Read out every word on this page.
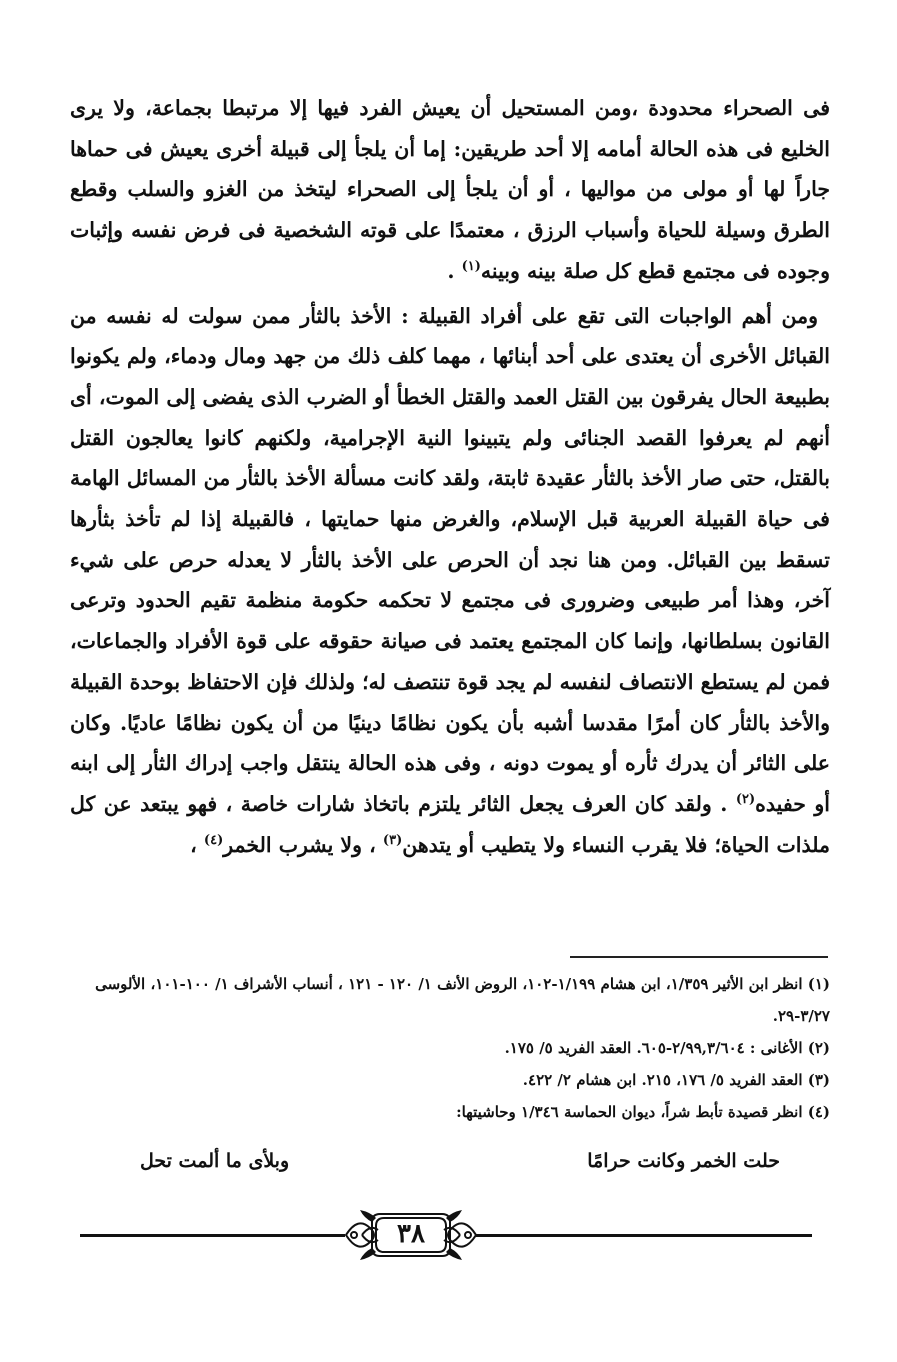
فى الصحراء محدودة ،ومن المستحيل أن يعيش الفرد فيها إلا مرتبطا بجماعة، ولا يرى الخليع فى هذه الحالة أمامه إلا أحد طريقين: إما أن يلجأ إلى قبيلة أخرى يعيش فى حماها جاراً لها أو مولى من مواليها ، أو أن يلجأ إلى الصحراء ليتخذ من الغزو والسلب وقطع الطرق وسيلة للحياة وأسباب الرزق ، معتمدًا على قوته الشخصية فى فرض نفسه وإثبات وجوده فى مجتمع قطع كل صلة بينه وبينه$^{(١)}$ .

ومن أهم الواجبات التى تقع على أفراد القبيلة : الأخذ بالثأر ممن سولت له نفسه من القبائل الأخرى أن يعتدى على أحد أبنائها ، مهما كلف ذلك من جهد ومال ودماء، ولم يكونوا بطبيعة الحال يفرقون بين القتل العمد والقتل الخطأ أو الضرب الذى يفضى إلى الموت، أى أنهم لم يعرفوا القصد الجنائى ولم يتبينوا النية الإجرامية، ولكنهم كانوا يعالجون القتل بالقتل، حتى صار الأخذ بالثأر عقيدة ثابتة، ولقد كانت مسألة الأخذ بالثأر من المسائل الهامة فى حياة القبيلة العربية قبل الإسلام، والغرض منها حمايتها ، فالقبيلة إذا لم تأخذ بثأرها تسقط بين القبائل. ومن هنا نجد أن الحرص على الأخذ بالثأر لا يعدله حرص على شيء آخر، وهذا أمر طبيعى وضرورى فى مجتمع لا تحكمه حكومة منظمة تقيم الحدود وترعى القانون بسلطانها، وإنما كان المجتمع يعتمد فى صيانة حقوقه على قوة الأفراد والجماعات، فمن لم يستطع الانتصاف لنفسه لم يجد قوة تنتصف له؛ ولذلك فإن الاحتفاظ بوحدة القبيلة والأخذ بالثأر كان أمرًا مقدسا أشبه بأن يكون نظامًا دينيًا من أن يكون نظامًا عاديًا. وكان على الثائر أن يدرك ثأره أو يموت دونه ، وفى هذه الحالة ينتقل واجب إدراك الثأر إلى ابنه أو حفيده$^{(٢)}$ . ولقد كان العرف يجعل الثائر يلتزم باتخاذ شارات خاصة ، فهو يبتعد عن كل ملذات الحياة؛ فلا يقرب النساء ولا يتطيب أو يتدهن$^{(٣)}$ ، ولا يشرب الخمر$^{(٤)}$ ،

(١) انظر ابن الأثير ١/٣٥٩، ابن هشام ١/١٩٩-١٠٢، الروض الأنف ١/ ١٢٠ - ١٢١ ، أنساب الأشراف ١/ ١٠٠-١٠١، الألوسى ٣/٢٧-٢٩.

(٢) الأغانى : ٢/٩٩,٣/٦٠٤-٦٠٥. العقد الفريد ٥/ ١٧٥.

(٣) العقد الفريد ٥/ ١٧٦، ٢١٥. ابن هشام ٢/ ٤٢٢.

(٤) انظر قصيدة تأبط شراً، ديوان الحماسة ١/٣٤٦ وحاشيتها:

حلت الخمر وكانت حرامًا
وبلأى ما ألمت تحل
٣٨
